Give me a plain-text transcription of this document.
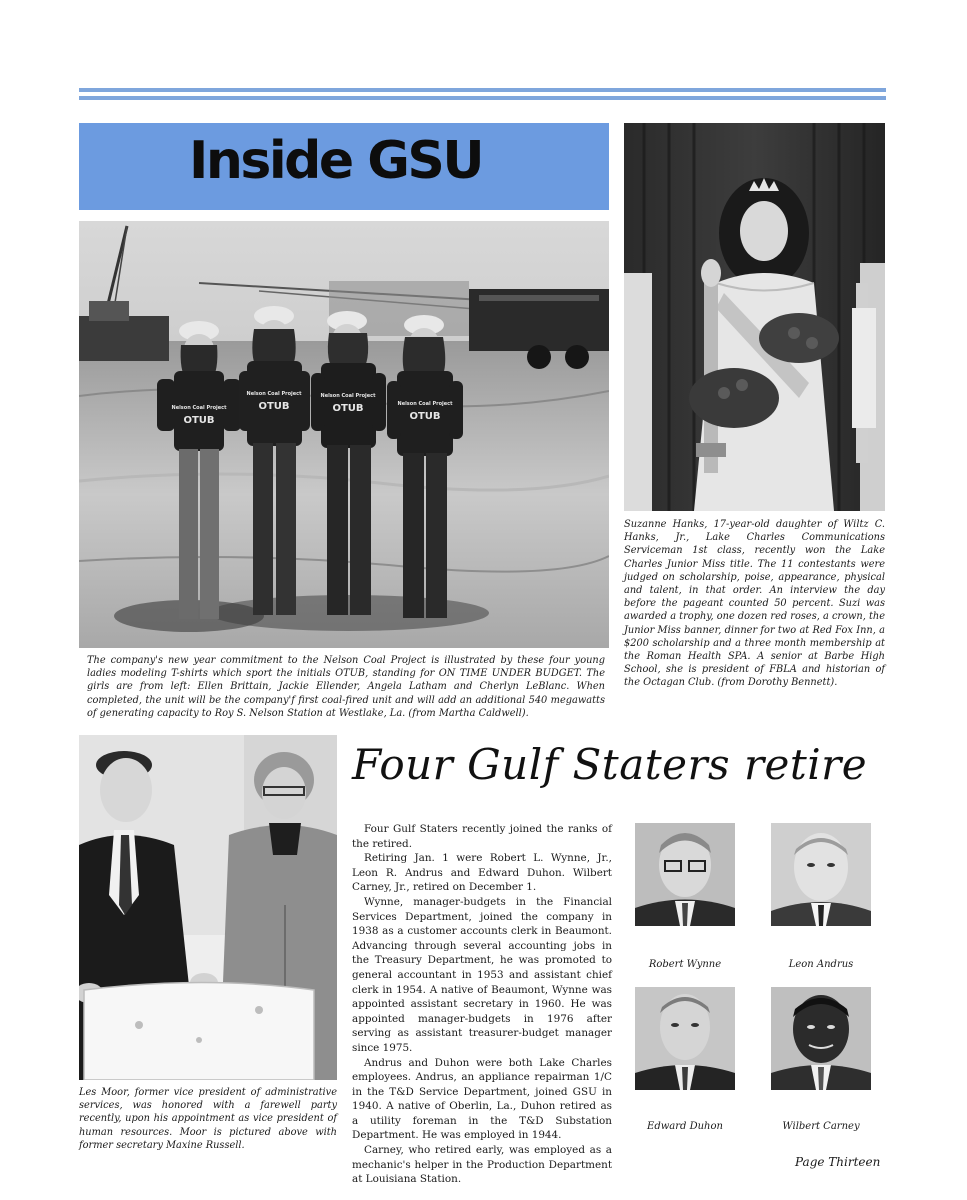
Inside GSU
Nelson Coal Project
OTUB
Nelson Coal Project
OTUB
Nelson Coal Project
OTUB	Nelson Coal Project
OTUB
The company's new year commitment to the Nelson Coal Project is illustrated by these four young ladies modeling T-shirts which sport the initials OTUB, standing for ON TIME UNDER BUDGET. The girls are from left: Ellen Brittain, Jackie Ellender, Angela Latham and Cherlyn LeBlanc. When completed, the unit will be the company'f first coal-fired unit and will add an additional 540 megawatts of generating capacity to Roy S. Nelson Station at Westlake, La. (from Martha Caldwell).
Suzanne Hanks, 17-year-old daughter of Wiltz C. Hanks, Jr., Lake Charles Communications Serviceman 1st class, recently won the Lake Charles Junior Miss title. The 11 contestants were judged on scholarship, poise, appearance, physical and talent, in that order. An interview the day before the pageant counted 50 percent. Suzi was awarded a trophy, one dozen red roses, a crown, the Junior Miss banner, dinner for two at Red Fox Inn, a $200 scholarship and a three month membership at the Roman Health SPA. A senior at Barbe High School, she is president of FBLA and historian of the Octagan Club. (from Dorothy Bennett).
Les Moor, former vice president of administrative services, was honored with a farewell party recently, upon his appointment as vice president of human resources. Moor is pictured above with former secretary Maxine Russell.
Four Gulf Staters retire

Four Gulf Staters recently joined the ranks of the retired.

Retiring Jan. 1 were Robert L. Wynne, Jr., Leon R. Andrus and Edward Duhon. Wilbert Carney, Jr., retired on December 1.

Wynne, manager-budgets in the Financial Services Department, joined the company in 1938 as a customer accounts clerk in Beaumont. Advancing through several accounting jobs in the Treasury Department, he was promoted to general accountant in 1953 and assistant chief clerk in 1954. A native of Beaumont, Wynne was appointed assistant secretary in 1960. He was appointed manager-budgets in 1976 after serving as assistant treasurer-budget manager since 1975.

Andrus and Duhon were both Lake Charles employees. Andrus, an appliance repairman 1/C in the T&D Service Department, joined GSU in 1940. A native of Oberlin, La., Duhon retired as a utility foreman in the T&D Substation Department. He was employed in 1944.

Carney, who retired early, was employed as a mechanic's helper in the Production Department at Louisiana Station.

Robert Wynne	Leon Andrus
Edward Duhon	Wilbert Carney
Page Thirteen
